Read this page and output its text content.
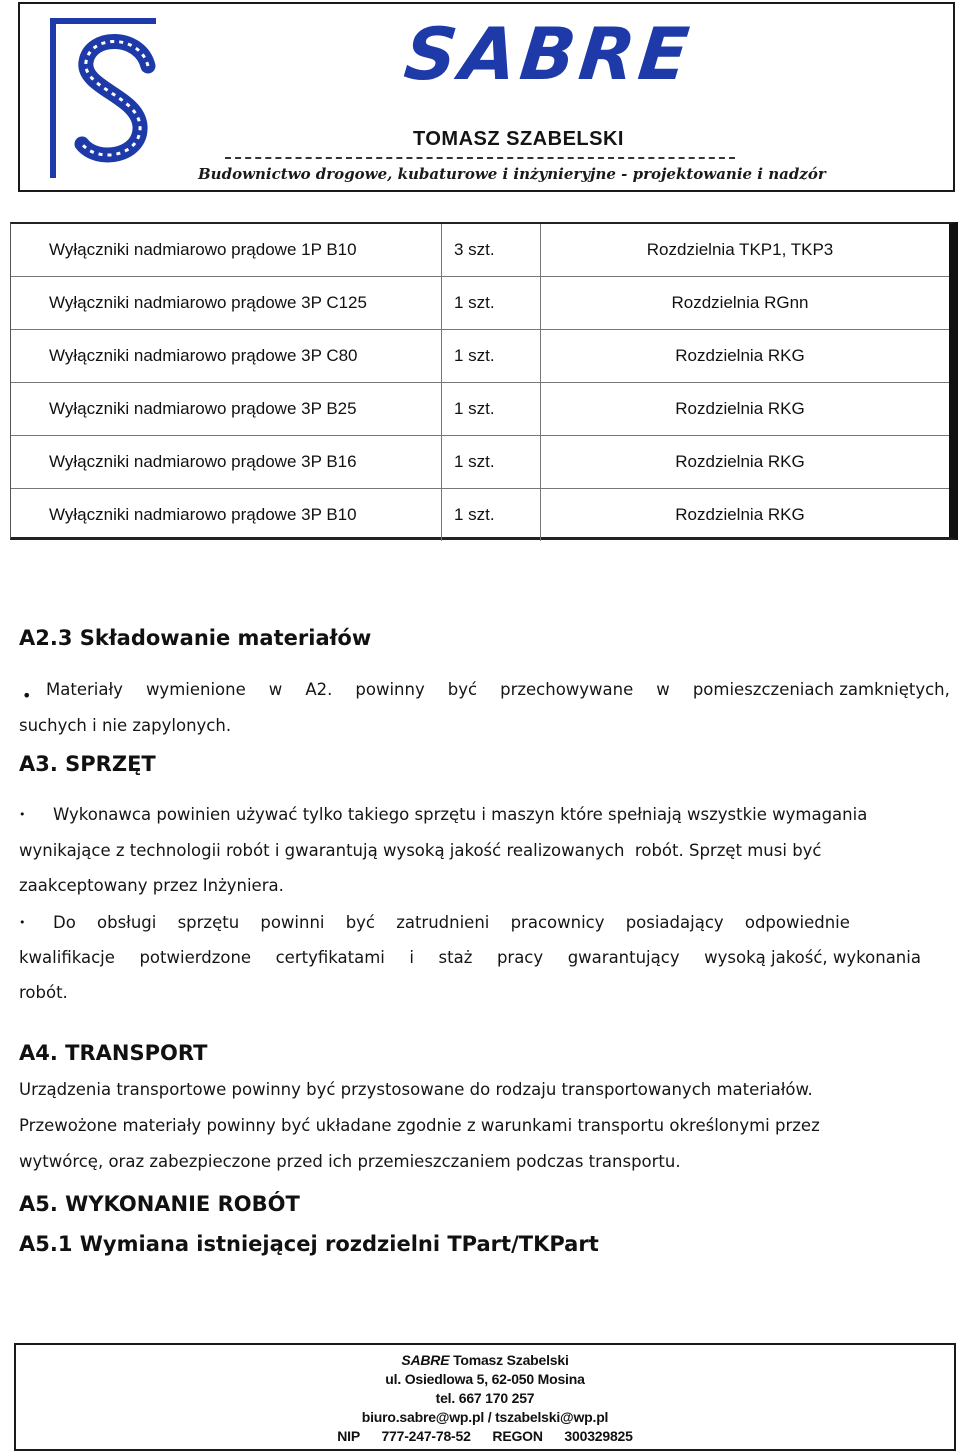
SABRE
TOMASZ SZABELSKI
Budownictwo drogowe, kubaturowe i inżynieryjne - projektowanie i nadzór
Wyłączniki nadmiarowo prądowe 1P B10	3 szt.	Rozdzielnia TKP1, TKP3
Wyłączniki nadmiarowo prądowe 3P C125	1 szt.	Rozdzielnia RGnn
Wyłączniki nadmiarowo prądowe 3P C80	1 szt.	Rozdzielnia RKG
Wyłączniki nadmiarowo prądowe 3P B25	1 szt.	Rozdzielnia RKG
Wyłączniki nadmiarowo prądowe 3P B16	1 szt.	Rozdzielnia RKG
Wyłączniki nadmiarowo prądowe 3P B10	1 szt.	Rozdzielnia RKG
A2.3 Składowanie materiałów
• Materiały wymienione w A2. powinny być przechowywane w pomieszczeniach zamkniętych,
suchych i nie zapylonych.
A3. SPRZĘT
• Wykonawca powinien używać tylko takiego sprzętu i maszyn które spełniają wszystkie wymagania
wynikające z technologii robót i gwarantują wysoką jakość realizowanych  robót. Sprzęt musi być
zaakceptowany przez Inżyniera.
• Do obsługi sprzętu powinni być zatrudnieni pracownicy posiadający odpowiednie
kwalifikacje potwierdzone certyfikatami i staż pracy gwarantujący wysoką jakość, wykonania
robót.
A4. TRANSPORT
Urządzenia transportowe powinny być przystosowane do rodzaju transportowanych materiałów.
Przewożone materiały powinny być układane zgodnie z warunkami transportu określonymi przez
wytwórcę, oraz zabezpieczone przed ich przemieszczaniem podczas transportu.
A5. WYKONANIE ROBÓT
A5.1 Wymiana istniejącej rozdzielni TPart/TKPart
SABRE Tomasz Szabelski
ul. Osiedlowa 5, 62-050 Mosina
tel. 667 170 257
biuro.sabre@wp.pl / tszabelski@wp.pl
NIP 777-247-78-52 REGON 300329825
